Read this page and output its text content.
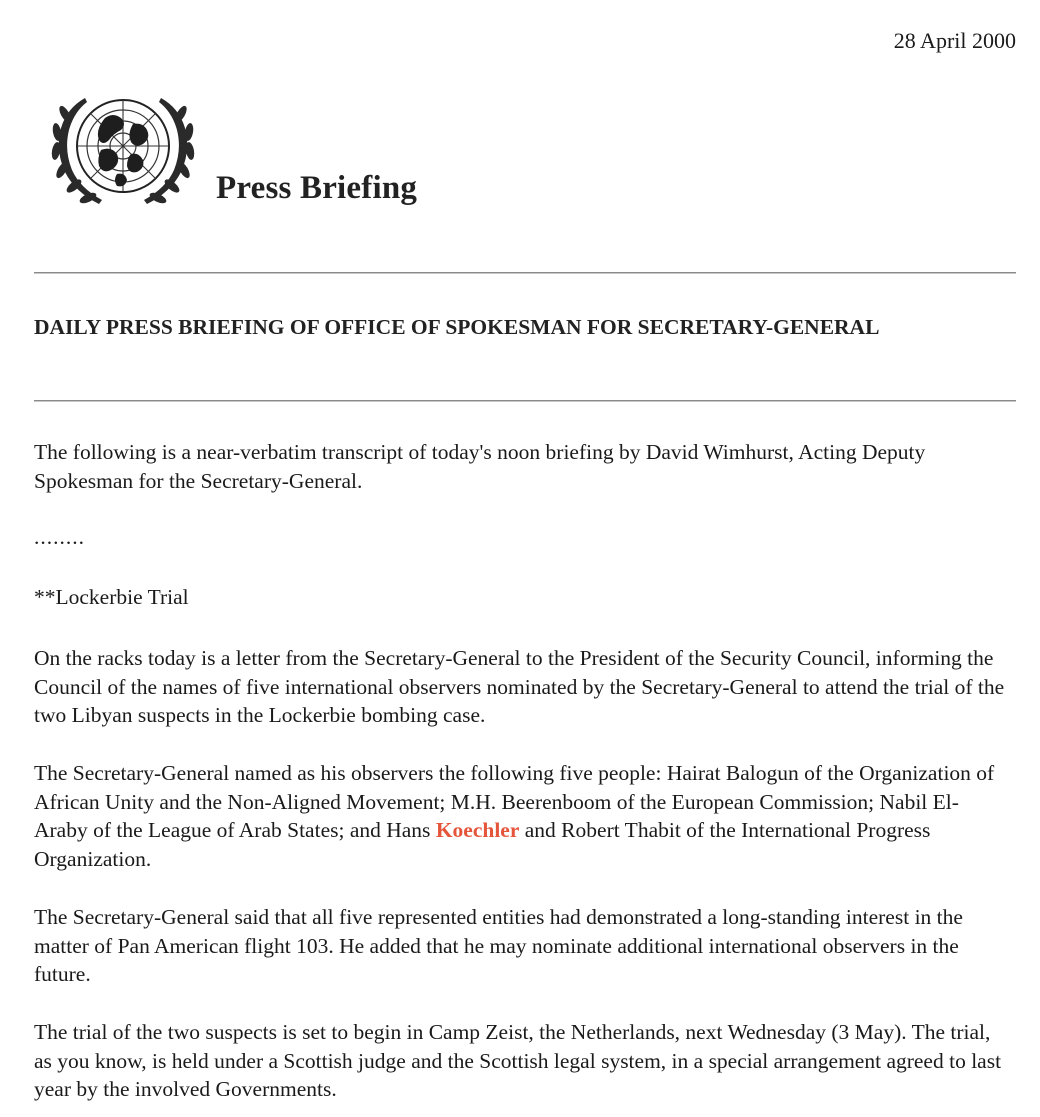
28 April 2000
Press Briefing
DAILY PRESS BRIEFING OF OFFICE OF SPOKESMAN FOR SECRETARY-GENERAL
The following is a near-verbatim transcript of today's noon briefing by David Wimhurst, Acting Deputy Spokesman for the Secretary-General.
........
**Lockerbie Trial
On the racks today is a letter from the Secretary-General to the President of the Security Council, informing the Council of the names of five international observers nominated by the Secretary-General to attend the trial of the two Libyan suspects in the Lockerbie bombing case.
The Secretary-General named as his observers the following five people: Hairat Balogun of the Organization of African Unity and the Non-Aligned Movement; M.H. Beerenboom of the European Commission; Nabil El-Araby of the League of Arab States; and Hans Koechler and Robert Thabit of the International Progress Organization.
The Secretary-General said that all five represented entities had demonstrated a long-standing interest in the matter of Pan American flight 103. He added that he may nominate additional international observers in the future.
The trial of the two suspects is set to begin in Camp Zeist, the Netherlands, next Wednesday (3 May). The trial, as you know, is held under a Scottish judge and the Scottish legal system, in a special arrangement agreed to last year by the involved Governments.
